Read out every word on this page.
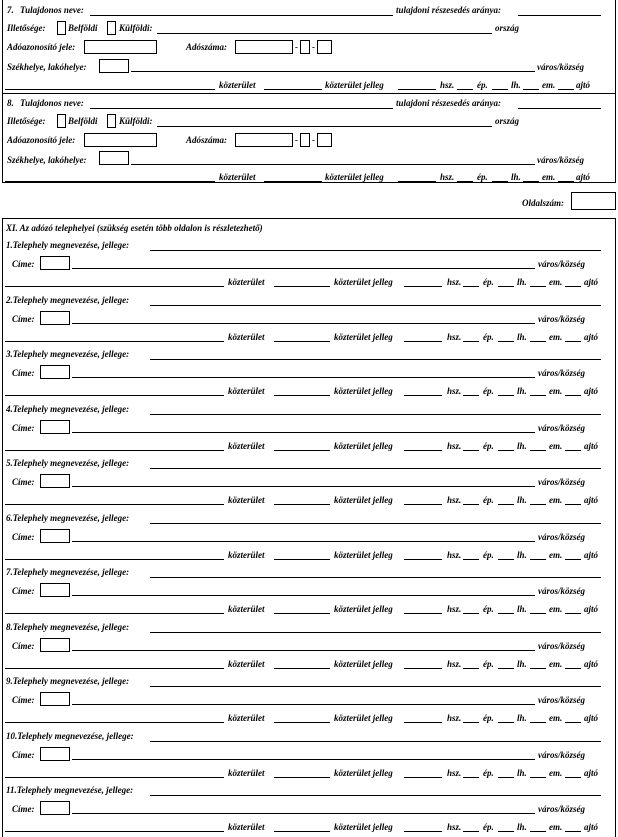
7. Tulajdonos neve:	tulajdoni részesedés aránya:
Illetősége:	Belföldi Külföldi:	ország
Adóazonosító jele:	Adószáma:	- -
Székhelye, lakóhelye:	város/község
közterület	közterület jelleg	hsz.	ép.	lh. em. ajtó
8. Tulajdonos neve:	tulajdoni részesedés aránya:
Illetősége:	Belföldi Külföldi:	ország
Adóazonosító jele:	Adószáma:	- -
Székhelye, lakóhelye:	város/község
közterület	közterület jelleg	hsz.	ép.	lh. em. ajtó
Oldalszám:
XI. Az adózó telephelyei (szükség esetén több oldalon is részletezhető)
1.Telephely megnevezése, jellege:
Címe:	város/község
közterület	közterület jelleg	hsz. ép.	lh. em. ajtó
2.Telephely megnevezése, jellege:
Címe:	város/község
közterület	közterület jelleg	hsz. ép.	lh. em. ajtó
3.Telephely megnevezése, jellege:
Címe:	város/község
közterület	közterület jelleg	hsz. ép.	lh. em. ajtó
4.Telephely megnevezése, jellege:
Címe:	város/község
közterület	közterület jelleg	hsz. ép.	lh. em. ajtó
5.Telephely megnevezése, jellege:
Címe:	város/község
közterület	közterület jelleg	hsz. ép.	lh. em. ajtó
6.Telephely megnevezése, jellege:
Címe:	város/község
közterület	közterület jelleg	hsz. ép.	lh. em. ajtó
7.Telephely megnevezése, jellege:
Címe:	város/község
közterület	közterület jelleg	hsz. ép.	lh. em. ajtó
8.Telephely megnevezése, jellege:
Címe:	város/község
közterület	közterület jelleg	hsz. ép.	lh. em. ajtó
9.Telephely megnevezése, jellege:
Címe:	város/község
közterület	közterület jelleg	hsz. ép.	lh. em. ajtó
10.Telephely megnevezése, jellege:
Címe:	város/község
közterület	közterület jelleg	hsz. ép.	lh. em. ajtó
11.Telephely megnevezése, jellege:
Címe:	város/község
közterület	közterület jelleg	hsz. ép.	lh. em. ajtó
